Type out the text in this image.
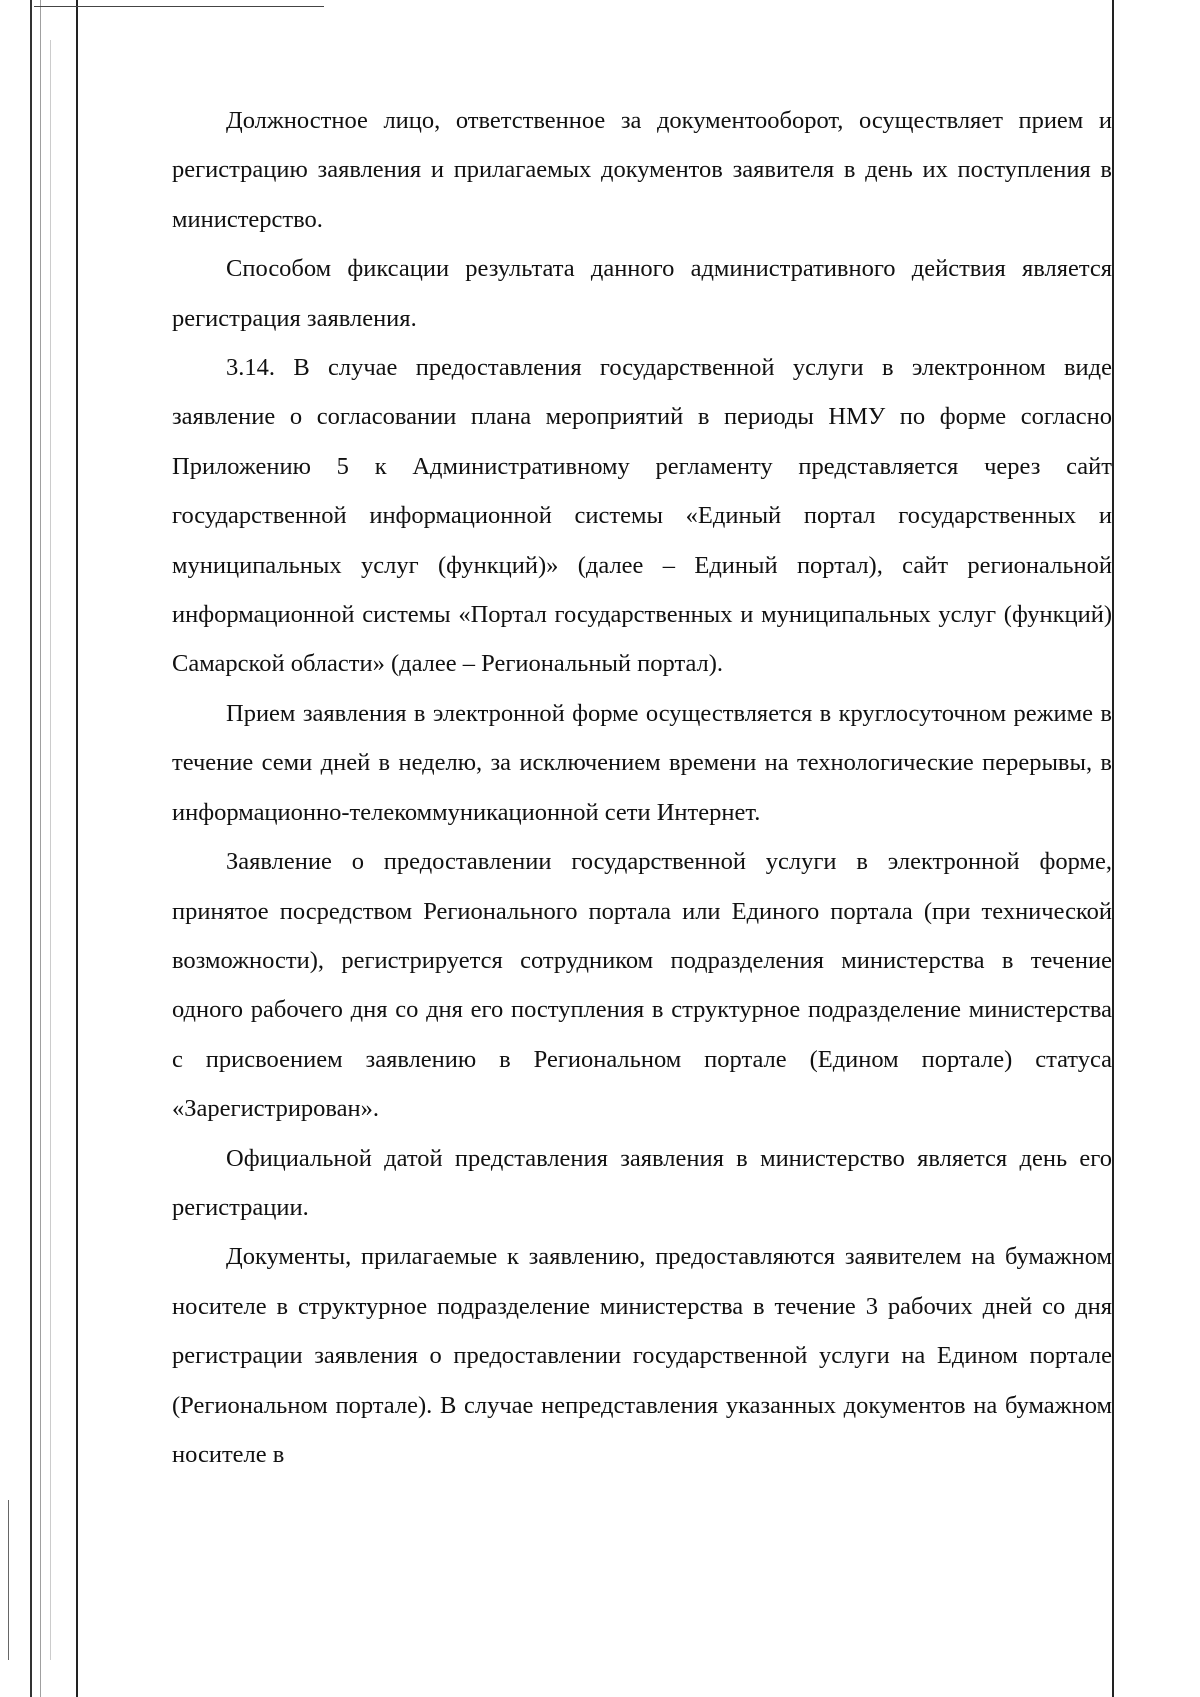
Должностное лицо, ответственное за документооборот, осуществляет прием и регистрацию заявления и прилагаемых документов заявителя в день их поступления в министерство.

Способом фиксации результата данного административного действия является регистрация заявления.

3.14. В случае предоставления государственной услуги в электронном виде заявление о согласовании плана мероприятий в периоды НМУ по форме согласно Приложению 5 к Административному регламенту представляется через сайт государственной информационной системы «Единый портал государственных и муниципальных услуг (функций)» (далее – Единый портал), сайт региональной информационной системы «Портал государственных и муниципальных услуг (функций) Самарской области» (далее – Региональный портал).

Прием заявления в электронной форме осуществляется в круглосуточном режиме в течение семи дней в неделю, за исключением времени на технологические перерывы, в информационно-телекоммуникационной сети Интернет.

Заявление о предоставлении государственной услуги в электронной форме, принятое посредством Регионального портала или Единого портала (при технической возможности), регистрируется сотрудником подразделения министерства в течение одного рабочего дня со дня его поступления в структурное подразделение министерства с присвоением заявлению в Региональном портале (Едином портале) статуса «Зарегистрирован».

Официальной датой представления заявления в министерство является день его регистрации.

Документы, прилагаемые к заявлению, предоставляются заявителем на бумажном носителе в структурное подразделение министерства в течение 3 рабочих дней со дня регистрации заявления о предоставлении государственной услуги на Едином портале (Региональном портале). В случае непредставления указанных документов на бумажном носителе в
